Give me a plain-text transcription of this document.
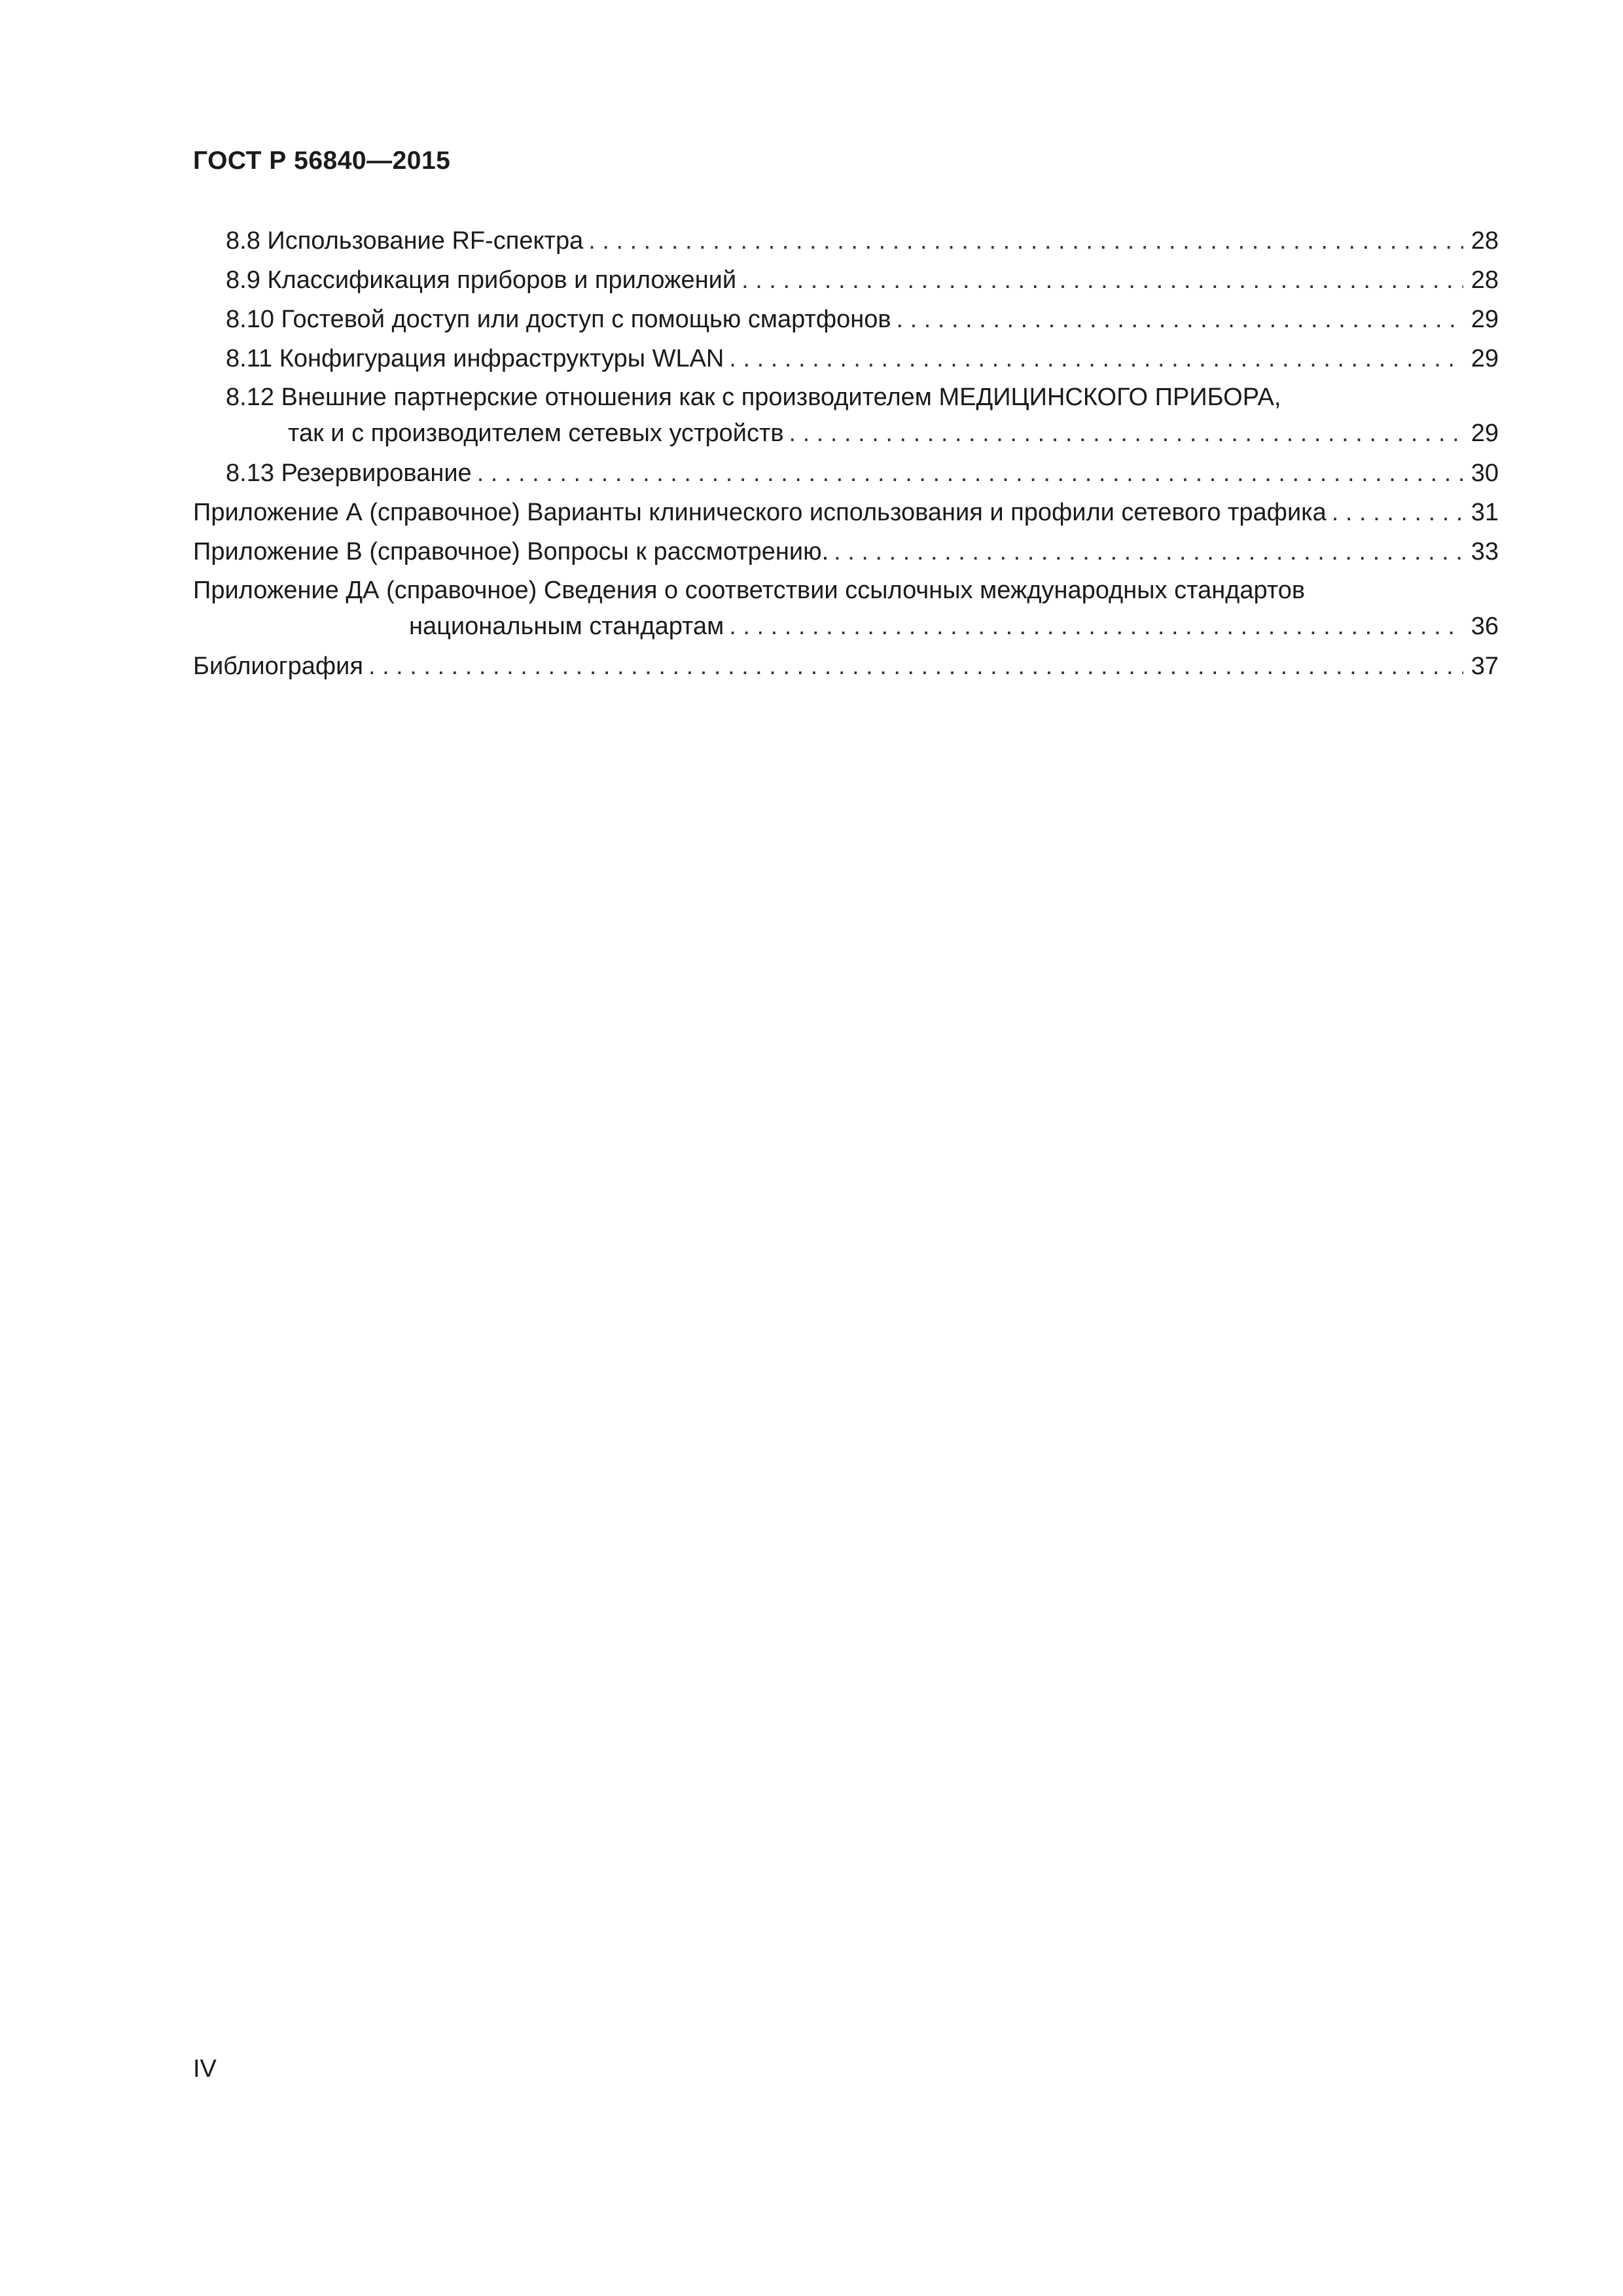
ГОСТ Р 56840—2015
8.8 Использование RF-спектра . . .	28
8.9 Классификация приборов и приложений . . .	28
8.10 Гостевой доступ или доступ с помощью смартфонов . . .	29
8.11 Конфигурация инфраструктуры WLAN . . .	29
8.12 Внешние партнерские отношения как с производителем МЕДИЦИНСКОГО ПРИБОРА,
так и с производителем сетевых устройств . . .	29
8.13 Резервирование . . .	30
Приложение А (справочное) Варианты клинического использования и профили сетевого трафика . . .	31
Приложение В (справочное) Вопросы к рассмотрению. . . .	33
Приложение ДА (справочное) Сведения о соответствии ссылочных международных стандартов
национальным стандартам . . .	36
Библиография . . .	37
IV
